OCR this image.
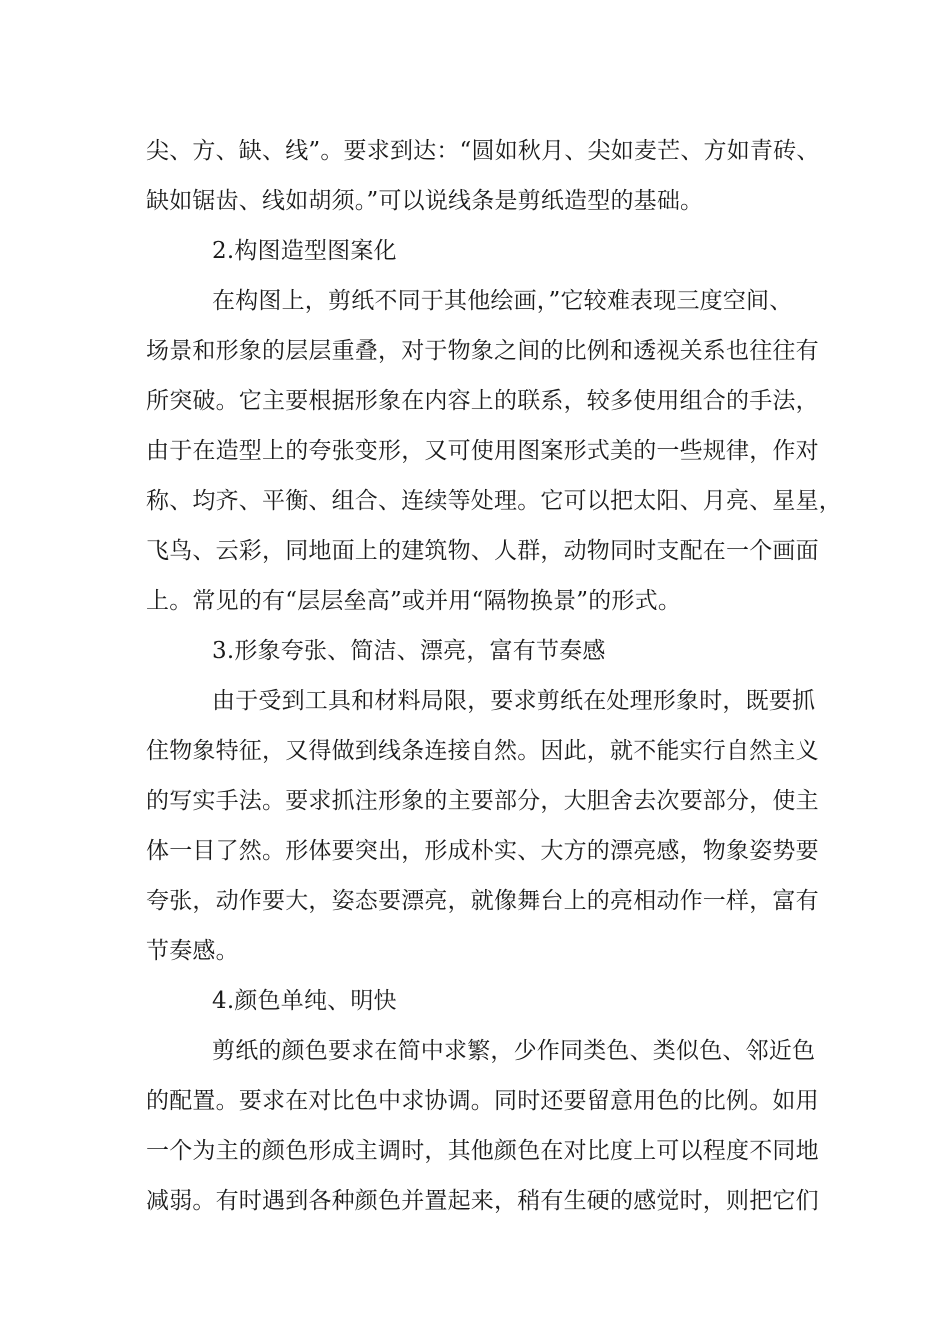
尖、方、缺、线”。要求到达：“圆如秋月、尖如麦芒、方如青砖、
缺如锯齿、线如胡须。”可以说线条是剪纸造型的基础。
2.构图造型图案化
在构图上，剪纸不同于其他绘画，”它较难表现三度空间、
场景和形象的层层重叠，对于物象之间的比例和透视关系也往往有
所突破。它主要根据形象在内容上的联系，较多使用组合的手法，
由于在造型上的夸张变形，又可使用图案形式美的一些规律，作对
称、均齐、平衡、组合、连续等处理。它可以把太阳、月亮、星星，
飞鸟、云彩，同地面上的建筑物、人群，动物同时支配在一个画面
上。常见的有“层层垒高”或并用“隔物换景”的形式。
3.形象夸张、简洁、漂亮，富有节奏感
由于受到工具和材料局限，要求剪纸在处理形象时，既要抓
住物象特征，又得做到线条连接自然。因此，就不能实行自然主义
的写实手法。要求抓注形象的主要部分，大胆舍去次要部分，使主
体一目了然。形体要突出，形成朴实、大方的漂亮感，物象姿势要
夸张，动作要大，姿态要漂亮，就像舞台上的亮相动作一样，富有
节奏感。
4.颜色单纯、明快
剪纸的颜色要求在简中求繁，少作同类色、类似色、邻近色
的配置。要求在对比色中求协调。同时还要留意用色的比例。如用
一个为主的颜色形成主调时，其他颜色在对比度上可以程度不同地
减弱。有时遇到各种颜色并置起来，稍有生硬的感觉时，则把它们
